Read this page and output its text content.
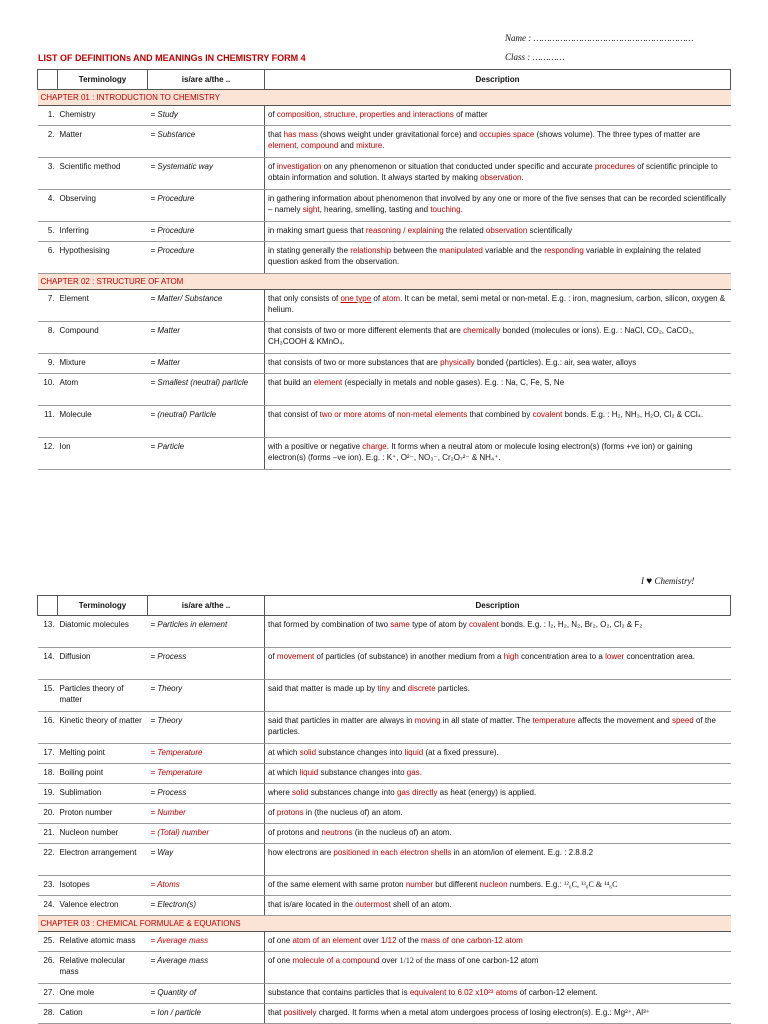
Name : ……………………………………………………
Class : …………
LIST OF DEFINITIONs AND MEANINGs IN CHEMISTRY FORM 4
	Terminology	is/are a/the ..	Description
CHAPTER 01 : INTRODUCTION TO CHEMISTRY			
1.	Chemistry	= Study	of composition, structure, properties and interactions of matter
2.	Matter	= Substance	that has mass (shows weight under gravitational force) and occupies space (shows volume). The three types of matter are element, compound and mixture.
3.	Scientific method	= Systematic way	of investigation on any phenomenon or situation that conducted under specific and accurate procedures of scientific principle to obtain information and solution. It always started by making observation.
4.	Observing	= Procedure	in gathering information about phenomenon that involved by any one or more of the five senses that can be recorded scientifically – namely sight, hearing, smelling, tasting and touching.
5.	Inferring	= Procedure	in making smart guess that reasoning / explaining the related observation scientifically
6.	Hypothesising	= Procedure	in stating generally the relationship between the manipulated variable and the responding variable in explaining the related question asked from the observation.
CHAPTER 02 : STRUCTURE OF ATOM			
7.	Element	= Matter/ Substance	that only consists of one type of atom. It can be metal, semi metal or non-metal. E.g. : iron, magnesium, carbon, silicon, oxygen & helium.
8.	Compound	= Matter	that consists of two or more different elements that are chemically bonded (molecules or ions). E.g. : NaCl, CO₂, CaCO₃, CH₃COOH & KMnO₄.
9.	Mixture	= Matter	that consists of two or more substances that are physically bonded (particles). E.g.: air, sea water, alloys
10.	Atom	= Smallest (neutral) particle	that build an element (especially in metals and noble gases). E.g. : Na, C, Fe, S, Ne
11.	Molecule	= (neutral) Particle	that consist of two or more atoms of non-metal elements that combined by covalent bonds. E.g. : H₂, NH₃, H₂O, Cl₂ & CCl₄.
12.	Ion	= Particle	with a positive or negative charge. It forms when a neutral atom or molecule losing electron(s) (forms +ve ion) or gaining electron(s) (forms –ve ion). E.g. : K⁺, O²⁻, NO₃⁻, Cr₂O₇²⁻ & NH₄⁺.
I ♥ Chemistry!
	Terminology	is/are a/the ..	Description
13.	Diatomic molecules	= Particles in element	that formed by combination of two same type of atom by covalent bonds. E.g. : I₂, H₂, N₂, Br₂, O₂, Cl₂ & F₂
14.	Diffusion	= Process	of movement of particles (of substance) in another medium from a high concentration area to a lower concentration area.
15.	Particles theory of matter	= Theory	said that matter is made up by tiny and discrete particles.
16.	Kinetic theory of matter	= Theory	said that particles in matter are always in moving in all state of matter. The temperature affects the movement and speed of the particles.
17.	Melting point	= Temperature	at which solid substance changes into liquid (at a fixed pressure).
18.	Boiling point	= Temperature	at which liquid substance changes into gas.
19.	Sublimation	= Process	where solid substances change into gas directly as heat (energy) is applied.
20.	Proton number	= Number	of protons in (the nucleus of) an atom.
21.	Nucleon number	= (Total) number	of protons and neutrons (in the nucleus of) an atom.
22.	Electron arrangement	= Way	how electrons are positioned in each electron shells in an atom/ion of element. E.g. : 2.8.8.2
23.	Isotopes	= Atoms	of the same element with same proton number but different nucleon numbers. E.g.: ¹²₆C, ¹³₆C & ¹⁴₆C
24.	Valence electron	= Electron(s)	that is/are located in the outermost shell of an atom.
CHAPTER 03 : CHEMICAL FORMULAE & EQUATIONS			
25.	Relative atomic mass	= Average mass	of one atom of an element over 1/12 of the mass of one carbon-12 atom
26.	Relative molecular mass	= Average mass	of one molecule of a compound over 1/12 of the mass of one carbon-12 atom
27.	One mole	= Quantity of	substance that contains particles that is equivalent to 6.02 x10²³ atoms of carbon-12 element.
28.	Cation	= Ion / particle	that positively charged. It forms when a metal atom undergoes process of losing electron(s). E.g.: Mg²⁺, Al³⁺
